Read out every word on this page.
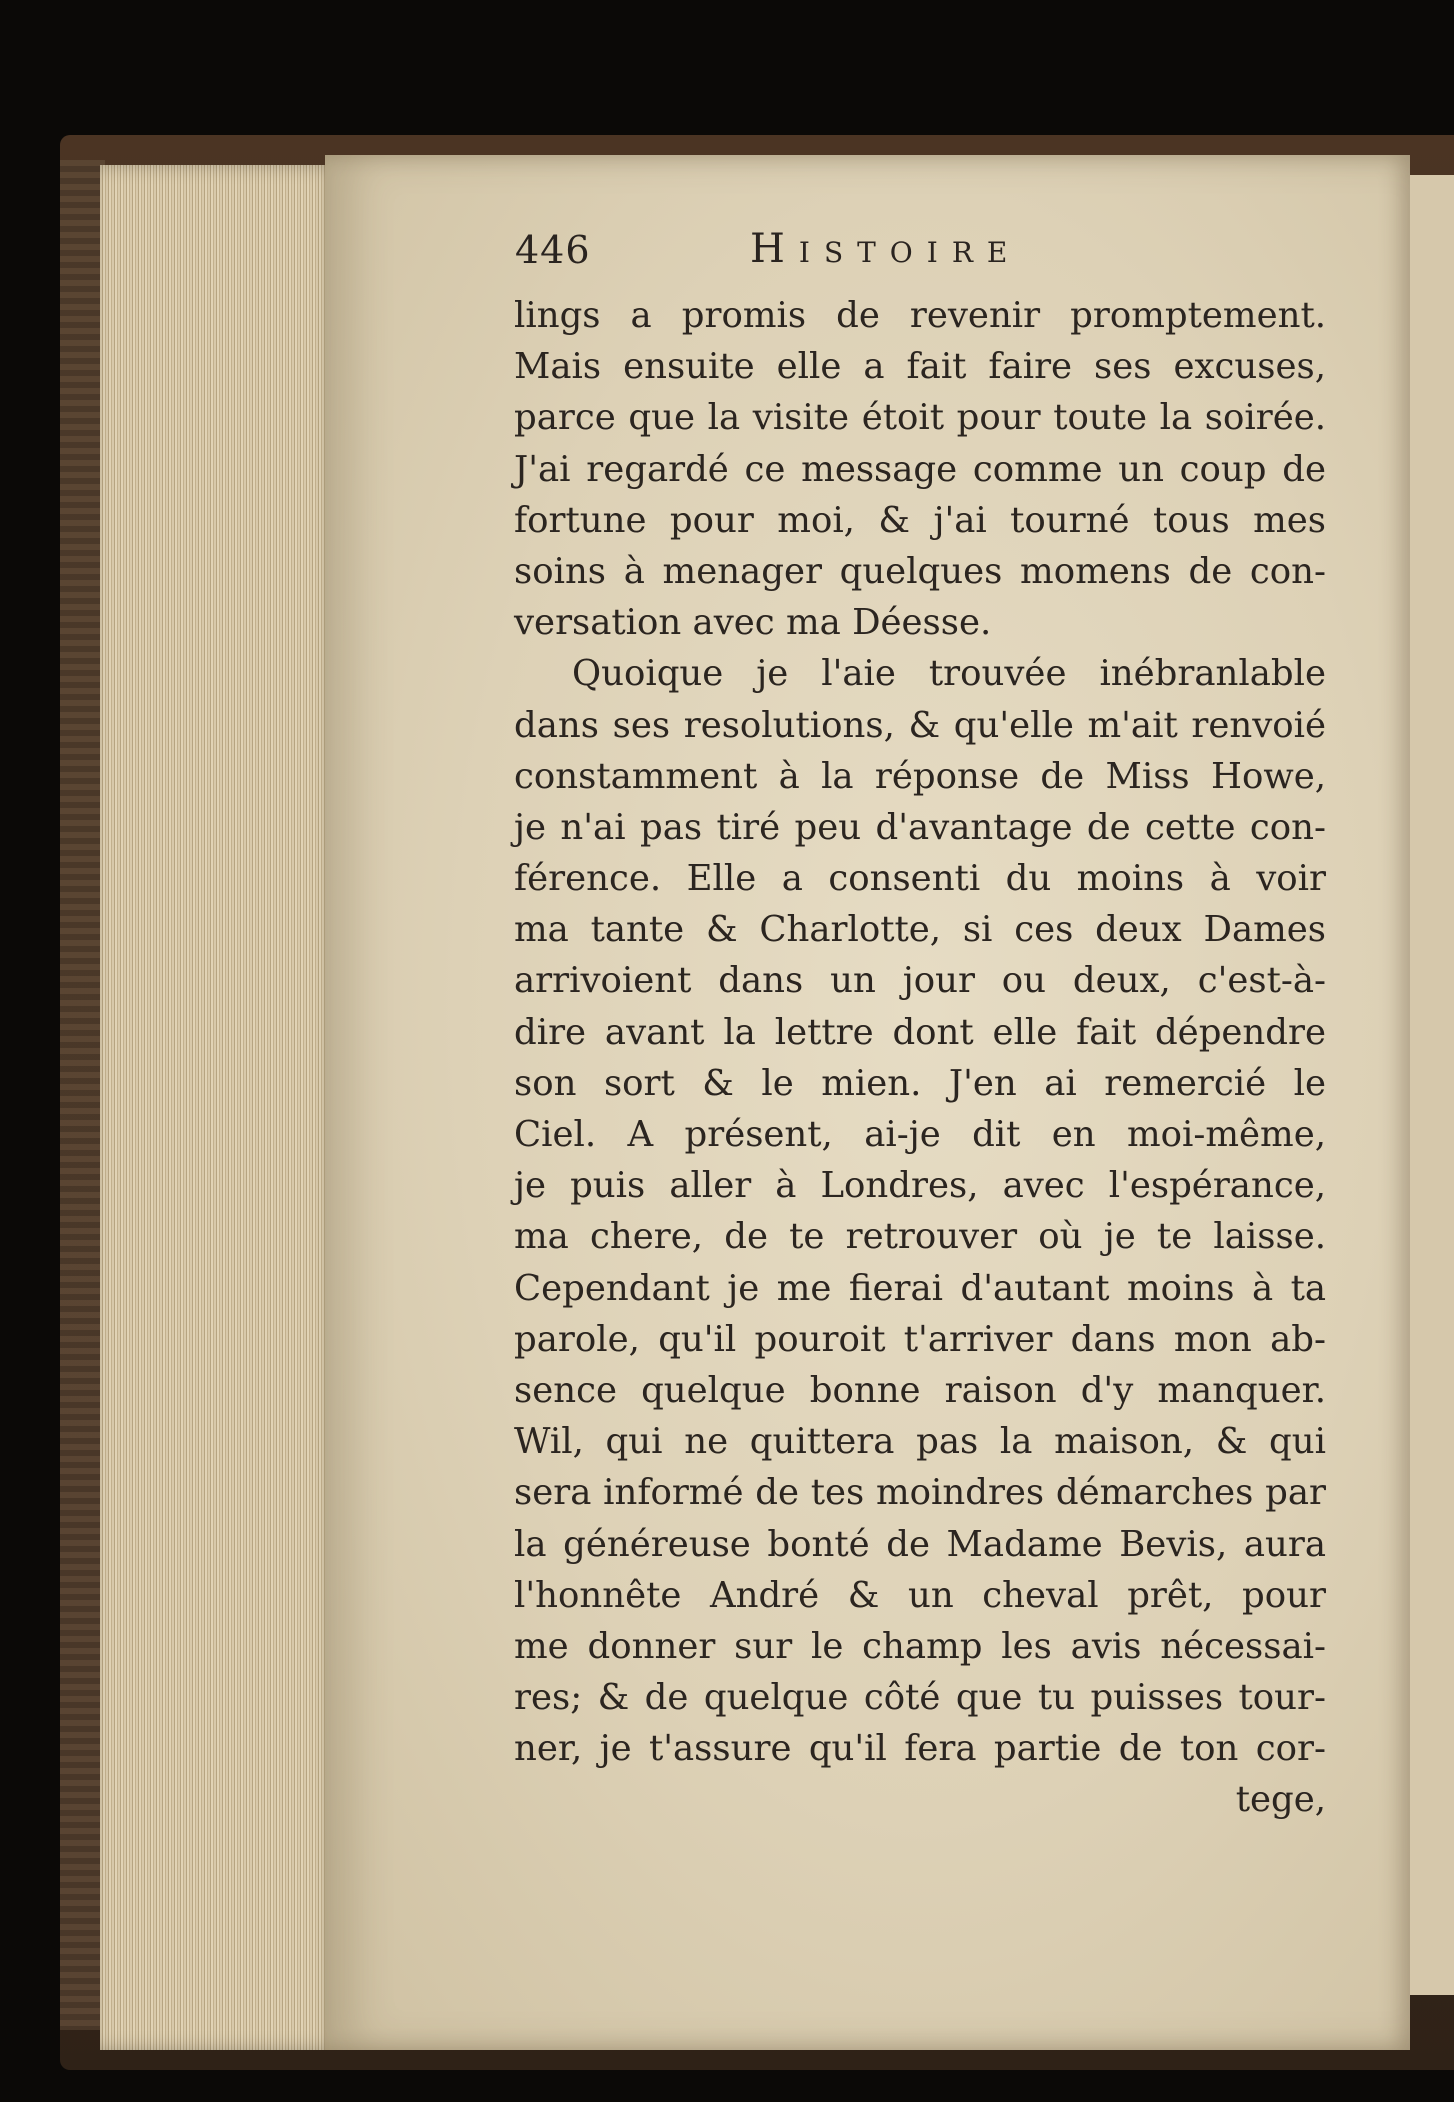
446	Histoire
lings a promis de revenir promptement.
Mais ensuite elle a fait faire ses excuses,
parce que la visite étoit pour toute la soirée.
J'ai regardé ce message comme un coup de
fortune pour moi, & j'ai tourné tous mes
soins à menager quelques momens de con-
versation avec ma Déesse.
Quoique je l'aie trouvée inébranlable
dans ses resolutions, & qu'elle m'ait renvoié
constamment à la réponse de Miss Howe,
je n'ai pas tiré peu d'avantage de cette con-
férence. Elle a consenti du moins à voir
ma tante & Charlotte, si ces deux Dames
arrivoient dans un jour ou deux, c'est-à-
dire avant la lettre dont elle fait dépendre
son sort & le mien. J'en ai remercié le
Ciel. A présent, ai-je dit en moi-même,
je puis aller à Londres, avec l'espérance,
ma chere, de te retrouver où je te laisse.
Cependant je me fierai d'autant moins à ta
parole, qu'il pouroit t'arriver dans mon ab-
sence quelque bonne raison d'y manquer.
Wil, qui ne quittera pas la maison, & qui
sera informé de tes moindres démarches par
la généreuse bonté de Madame Bevis, aura
l'honnête André & un cheval prêt, pour
me donner sur le champ les avis nécessai-
res; & de quelque côté que tu puisses tour-
ner, je t'assure qu'il fera partie de ton cor-
tege,
